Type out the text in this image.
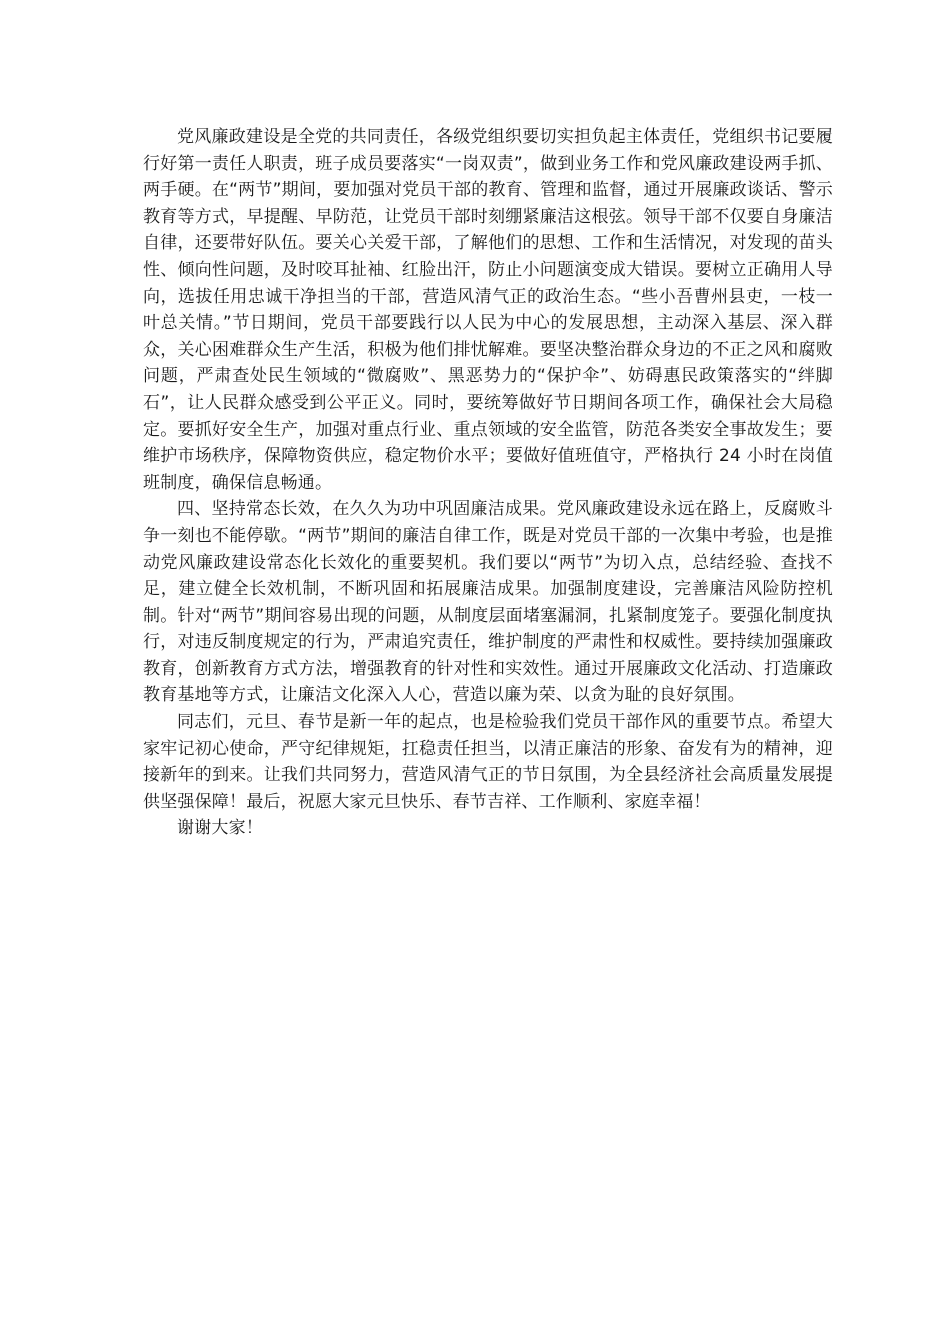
党风廉政建设是全党的共同责任，各级党组织要切实担负起主体责任，党组织书记要履行好第一责任人职责，班子成员要落实“一岗双责”，做到业务工作和党风廉政建设两手抓、两手硬。在“两节”期间，要加强对党员干部的教育、管理和监督，通过开展廉政谈话、警示教育等方式，早提醒、早防范，让党员干部时刻绷紧廉洁这根弦。领导干部不仅要自身廉洁自律，还要带好队伍。要关心关爱干部，了解他们的思想、工作和生活情况，对发现的苗头性、倾向性问题，及时咬耳扯袖、红脸出汗，防止小问题演变成大错误。要树立正确用人导向，选拔任用忠诚干净担当的干部，营造风清气正的政治生态。“些小吾曹州县吏，一枝一叶总关情。”节日期间，党员干部要践行以人民为中心的发展思想，主动深入基层、深入群众，关心困难群众生产生活，积极为他们排忧解难。要坚决整治群众身边的不正之风和腐败问题，严肃查处民生领域的“微腐败”、黑恶势力的“保护伞”、妨碍惠民政策落实的“绊脚石”，让人民群众感受到公平正义。同时，要统筹做好节日期间各项工作，确保社会大局稳定。要抓好安全生产，加强对重点行业、重点领域的安全监管，防范各类安全事故发生；要维护市场秩序，保障物资供应，稳定物价水平；要做好值班值守，严格执行 24 小时在岗值班制度，确保信息畅通。

四、坚持常态长效，在久久为功中巩固廉洁成果。党风廉政建设永远在路上，反腐败斗争一刻也不能停歇。“两节”期间的廉洁自律工作，既是对党员干部的一次集中考验，也是推动党风廉政建设常态化长效化的重要契机。我们要以“两节”为切入点，总结经验、查找不足，建立健全长效机制，不断巩固和拓展廉洁成果。加强制度建设，完善廉洁风险防控机制。针对“两节”期间容易出现的问题，从制度层面堵塞漏洞，扎紧制度笼子。要强化制度执行，对违反制度规定的行为，严肃追究责任，维护制度的严肃性和权威性。要持续加强廉政教育，创新教育方式方法，增强教育的针对性和实效性。通过开展廉政文化活动、打造廉政教育基地等方式，让廉洁文化深入人心，营造以廉为荣、以贪为耻的良好氛围。

同志们，元旦、春节是新一年的起点，也是检验我们党员干部作风的重要节点。希望大家牢记初心使命，严守纪律规矩，扛稳责任担当，以清正廉洁的形象、奋发有为的精神，迎接新年的到来。让我们共同努力，营造风清气正的节日氛围，为全县经济社会高质量发展提供坚强保障！最后，祝愿大家元旦快乐、春节吉祥、工作顺利、家庭幸福！

谢谢大家！
